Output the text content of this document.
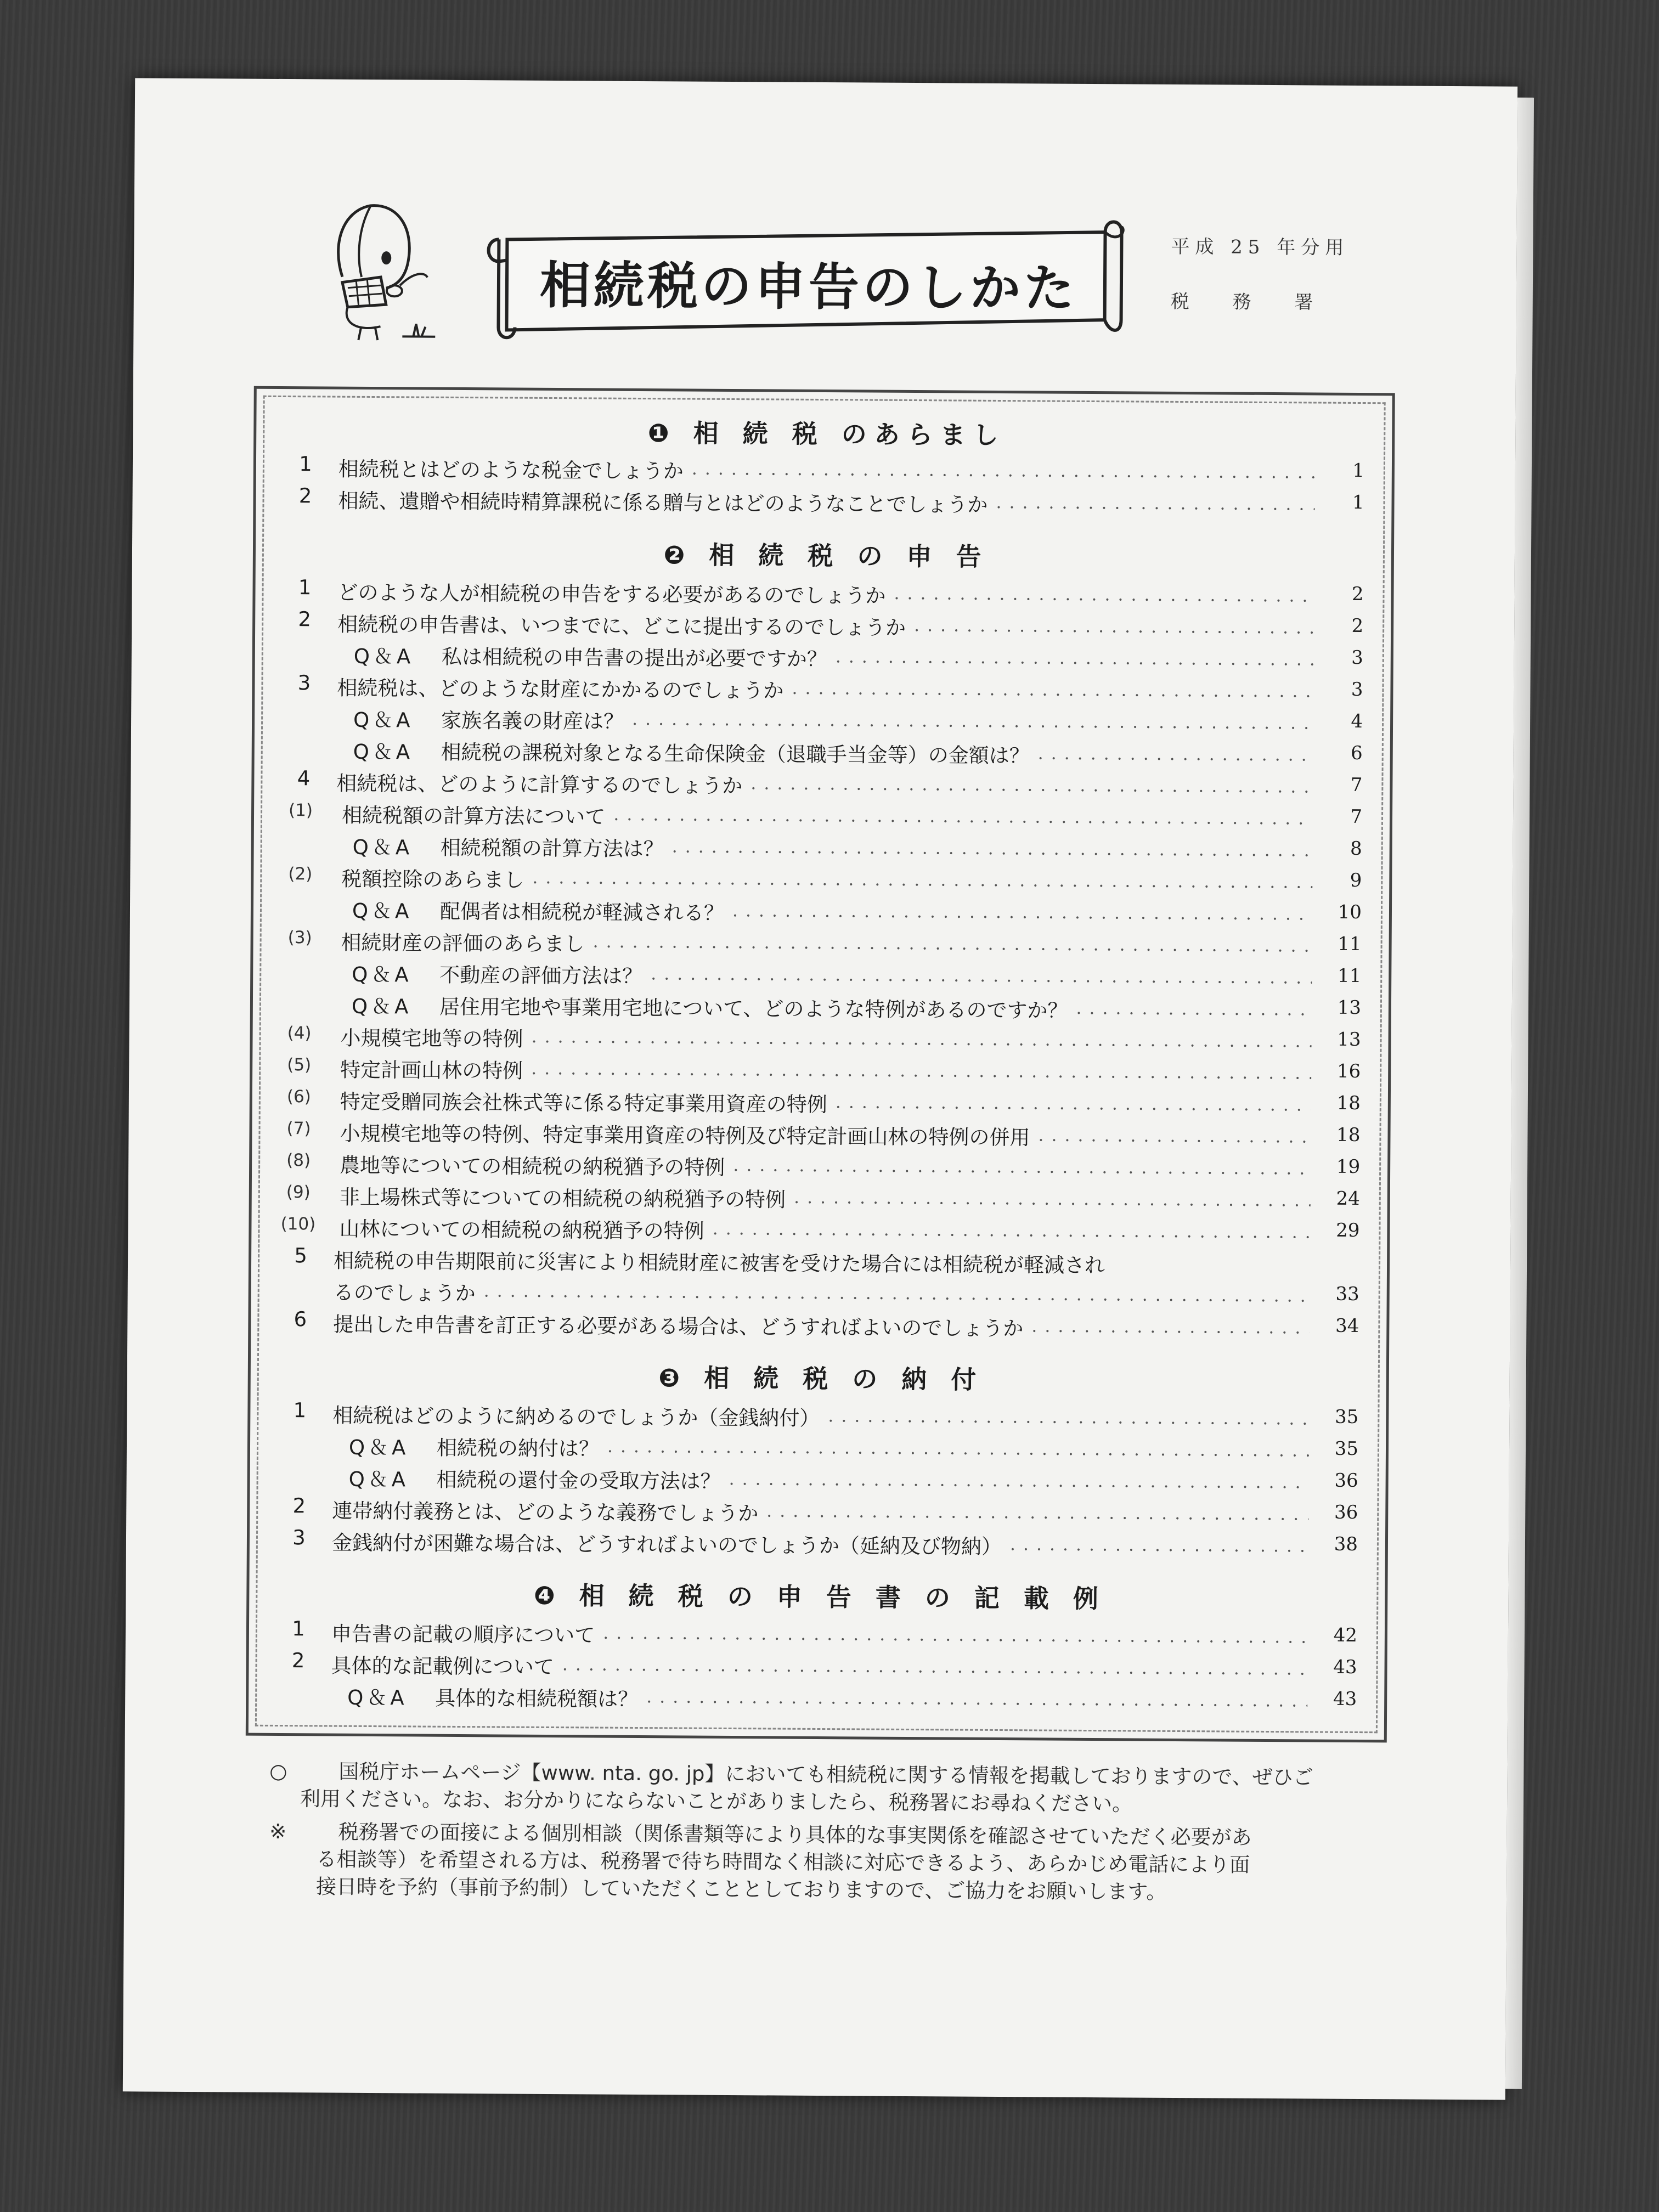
相続税の申告のしかた
平成 25 年分用
税 務 署
❶ 相 続 税 のあらまし
1	相続税とはどのような税金でしょうか ・・・・・・・・・・・・・・・・・・・・・・・・・・・・・・・・・・・・・・・・・・・・・・・・・・・・・・・・・・・・・・・・・・・・・・・・・・・・・・・・・・・・・・・・	1
2	相続、遺贈や相続時精算課税に係る贈与とはどのようなことでしょうか ・・・・・・・・・・・・・・・・・・・・・・・・・・・・・・・・・・・・・・・・・・・・・・・・・・・・・・・・・・・・・・・・・・・・・・・・・・・・・・・・・・・・・・・・	1
❷ 相 続 税 の 申 告
1	どのような人が相続税の申告をする必要があるのでしょうか ・・・・・・・・・・・・・・・・・・・・・・・・・・・・・・・・・・・・・・・・・・・・・・・・・・・・・・・・・・・・・・・・・・・・・・・・・・・・・・・・・・・・・・・・	2
2	相続税の申告書は、いつまでに、どこに提出するのでしょうか ・・・・・・・・・・・・・・・・・・・・・・・・・・・・・・・・・・・・・・・・・・・・・・・・・・・・・・・・・・・・・・・・・・・・・・・・・・・・・・・・・・・・・・・・	2
Q＆A 私は相続税の申告書の提出が必要ですか？ ・・・・・・・・・・・・・・・・・・・・・・・・・・・・・・・・・・・・・・・・・・・・・・・・・・・・・・・・・・・・・・・・・・・・・・・・・・・・・・・・・・・・・・・・	3
3	相続税は、どのような財産にかかるのでしょうか ・・・・・・・・・・・・・・・・・・・・・・・・・・・・・・・・・・・・・・・・・・・・・・・・・・・・・・・・・・・・・・・・・・・・・・・・・・・・・・・・・・・・・・・・	3
Q＆A 家族名義の財産は？ ・・・・・・・・・・・・・・・・・・・・・・・・・・・・・・・・・・・・・・・・・・・・・・・・・・・・・・・・・・・・・・・・・・・・・・・・・・・・・・・・・・・・・・・・	4
Q＆A 相続税の課税対象となる生命保険金（退職手当金等）の金額は？ ・・・・・・・・・・・・・・・・・・・・・・・・・・・・・・・・・・・・・・・・・・・・・・・・・・・・・・・・・・・・・・・・・・・・・・・・・・・・・・・・・・・・・・・・	6
4	相続税は、どのように計算するのでしょうか ・・・・・・・・・・・・・・・・・・・・・・・・・・・・・・・・・・・・・・・・・・・・・・・・・・・・・・・・・・・・・・・・・・・・・・・・・・・・・・・・・・・・・・・・	7
(1)	相続税額の計算方法について ・・・・・・・・・・・・・・・・・・・・・・・・・・・・・・・・・・・・・・・・・・・・・・・・・・・・・・・・・・・・・・・・・・・・・・・・・・・・・・・・・・・・・・・・	7
Q＆A 相続税額の計算方法は？ ・・・・・・・・・・・・・・・・・・・・・・・・・・・・・・・・・・・・・・・・・・・・・・・・・・・・・・・・・・・・・・・・・・・・・・・・・・・・・・・・・・・・・・・・	8
(2)	税額控除のあらまし ・・・・・・・・・・・・・・・・・・・・・・・・・・・・・・・・・・・・・・・・・・・・・・・・・・・・・・・・・・・・・・・・・・・・・・・・・・・・・・・・・・・・・・・・	9
Q＆A 配偶者は相続税が軽減される？ ・・・・・・・・・・・・・・・・・・・・・・・・・・・・・・・・・・・・・・・・・・・・・・・・・・・・・・・・・・・・・・・・・・・・・・・・・・・・・・・・・・・・・・・・	10
(3)	相続財産の評価のあらまし ・・・・・・・・・・・・・・・・・・・・・・・・・・・・・・・・・・・・・・・・・・・・・・・・・・・・・・・・・・・・・・・・・・・・・・・・・・・・・・・・・・・・・・・・	11
Q＆A 不動産の評価方法は？ ・・・・・・・・・・・・・・・・・・・・・・・・・・・・・・・・・・・・・・・・・・・・・・・・・・・・・・・・・・・・・・・・・・・・・・・・・・・・・・・・・・・・・・・・	11
Q＆A 居住用宅地や事業用宅地について、どのような特例があるのですか？ ・・・・・・・・・・・・・・・・・・・・・・・・・・・・・・・・・・・・・・・・・・・・・・・・・・・・・・・・・・・・・・・・・・・・・・・・・・・・・・・・・・・・・・・・	13
(4)	小規模宅地等の特例 ・・・・・・・・・・・・・・・・・・・・・・・・・・・・・・・・・・・・・・・・・・・・・・・・・・・・・・・・・・・・・・・・・・・・・・・・・・・・・・・・・・・・・・・・	13
(5)	特定計画山林の特例 ・・・・・・・・・・・・・・・・・・・・・・・・・・・・・・・・・・・・・・・・・・・・・・・・・・・・・・・・・・・・・・・・・・・・・・・・・・・・・・・・・・・・・・・・	16
(6)	特定受贈同族会社株式等に係る特定事業用資産の特例 ・・・・・・・・・・・・・・・・・・・・・・・・・・・・・・・・・・・・・・・・・・・・・・・・・・・・・・・・・・・・・・・・・・・・・・・・・・・・・・・・・・・・・・・・	18
(7)	小規模宅地等の特例、特定事業用資産の特例及び特定計画山林の特例の併用 ・・・・・・・・・・・・・・・・・・・・・・・・・・・・・・・・・・・・・・・・・・・・・・・・・・・・・・・・・・・・・・・・・・・・・・・・・・・・・・・・・・・・・・・・	18
(8)	農地等についての相続税の納税猶予の特例 ・・・・・・・・・・・・・・・・・・・・・・・・・・・・・・・・・・・・・・・・・・・・・・・・・・・・・・・・・・・・・・・・・・・・・・・・・・・・・・・・・・・・・・・・	19
(9)	非上場株式等についての相続税の納税猶予の特例 ・・・・・・・・・・・・・・・・・・・・・・・・・・・・・・・・・・・・・・・・・・・・・・・・・・・・・・・・・・・・・・・・・・・・・・・・・・・・・・・・・・・・・・・・	24
(10) 山林についての相続税の納税猶予の特例 ・・・・・・・・・・・・・・・・・・・・・・・・・・・・・・・・・・・・・・・・・・・・・・・・・・・・・・・・・・・・・・・・・・・・・・・・・・・・・・・・・・・・・・・・	29
5	相続税の申告期限前に災害により相続財産に被害を受けた場合には相続税が軽減され
るのでしょうか ・・・・・・・・・・・・・・・・・・・・・・・・・・・・・・・・・・・・・・・・・・・・・・・・・・・・・・・・・・・・・・・・・・・・・・・・・・・・・・・・・・・・・・・・	33
6	提出した申告書を訂正する必要がある場合は、どうすればよいのでしょうか ・・・・・・・・・・・・・・・・・・・・・・・・・・・・・・・・・・・・・・・・・・・・・・・・・・・・・・・・・・・・・・・・・・・・・・・・・・・・・・・・・・・・・・・・	34
❸ 相 続 税 の 納 付
1	相続税はどのように納めるのでしょうか（金銭納付） ・・・・・・・・・・・・・・・・・・・・・・・・・・・・・・・・・・・・・・・・・・・・・・・・・・・・・・・・・・・・・・・・・・・・・・・・・・・・・・・・・・・・・・・・	35
Q＆A 相続税の納付は？ ・・・・・・・・・・・・・・・・・・・・・・・・・・・・・・・・・・・・・・・・・・・・・・・・・・・・・・・・・・・・・・・・・・・・・・・・・・・・・・・・・・・・・・・・	35
Q＆A 相続税の還付金の受取方法は？ ・・・・・・・・・・・・・・・・・・・・・・・・・・・・・・・・・・・・・・・・・・・・・・・・・・・・・・・・・・・・・・・・・・・・・・・・・・・・・・・・・・・・・・・・	36
2	連帯納付義務とは、どのような義務でしょうか ・・・・・・・・・・・・・・・・・・・・・・・・・・・・・・・・・・・・・・・・・・・・・・・・・・・・・・・・・・・・・・・・・・・・・・・・・・・・・・・・・・・・・・・・	36
3	金銭納付が困難な場合は、どうすればよいのでしょうか（延納及び物納） ・・・・・・・・・・・・・・・・・・・・・・・・・・・・・・・・・・・・・・・・・・・・・・・・・・・・・・・・・・・・・・・・・・・・・・・・・・・・・・・・・・・・・・・・	38
❹ 相 続 税 の 申 告 書 の 記 載 例
1	申告書の記載の順序について ・・・・・・・・・・・・・・・・・・・・・・・・・・・・・・・・・・・・・・・・・・・・・・・・・・・・・・・・・・・・・・・・・・・・・・・・・・・・・・・・・・・・・・・・	42
2	具体的な記載例について ・・・・・・・・・・・・・・・・・・・・・・・・・・・・・・・・・・・・・・・・・・・・・・・・・・・・・・・・・・・・・・・・・・・・・・・・・・・・・・・・・・・・・・・・	43
Q＆A 具体的な相続税額は？ ・・・・・・・・・・・・・・・・・・・・・・・・・・・・・・・・・・・・・・・・・・・・・・・・・・・・・・・・・・・・・・・・・・・・・・・・・・・・・・・・・・・・・・・・	43
○	国税庁ホームページ【www. nta. go. jp】においても相続税に関する情報を掲載しておりますので、ぜひご
利用ください。なお、お分かりにならないことがありましたら、税務署にお尋ねください。
※	税務署での面接による個別相談（関係書類等により具体的な事実関係を確認させていただく必要があ
る相談等）を希望される方は、税務署で待ち時間なく相談に対応できるよう、あらかじめ電話により面
接日時を予約（事前予約制）していただくこととしておりますので、ご協力をお願いします。
